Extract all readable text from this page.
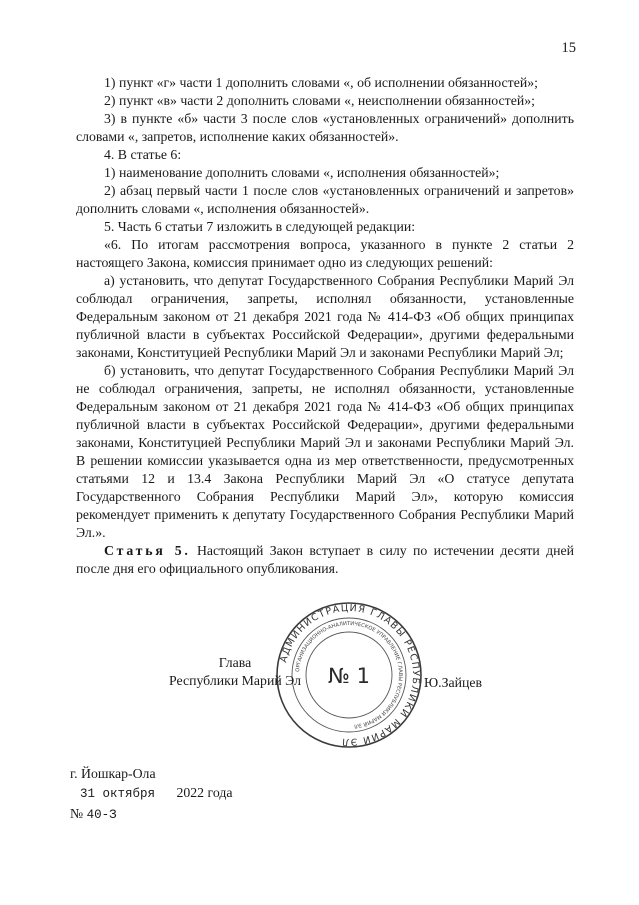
15

1) пункт «г» части 1 дополнить словами «, об исполнении обязанностей»;

2) пункт «в» части 2 дополнить словами «, неисполнении обязанностей»;

3) в пункте «б» части 3 после слов «установленных ограничений» дополнить словами «, запретов, исполнение каких обязанностей».

4. В статье 6:

1) наименование дополнить словами «, исполнения обязанностей»;

2) абзац первый части 1 после слов «установленных ограничений и запретов» дополнить словами «, исполнения обязанностей».

5. Часть 6 статьи 7 изложить в следующей редакции:

«6. По итогам рассмотрения вопроса, указанного в пункте 2 статьи 2 настоящего Закона, комиссия принимает одно из следующих решений:

а) установить, что депутат Государственного Собрания Республики Марий Эл соблюдал ограничения, запреты, исполнял обязанности, установленные Федеральным законом от 21 декабря 2021 года № 414-ФЗ «Об общих принципах публичной власти в субъектах Российской Федерации», другими федеральными законами, Конституцией Республики Марий Эл и законами Республики Марий Эл;

б) установить, что депутат Государственного Собрания Республики Марий Эл не соблюдал ограничения, запреты, не исполнял обязанности, установленные Федеральным законом от 21 декабря 2021 года № 414-ФЗ «Об общих принципах публичной власти в субъектах Российской Федерации», другими федеральными законами, Конституцией Республики Марий Эл и законами Республики Марий Эл. В решении комиссии указывается одна из мер ответственности, предусмотренных статьями 12 и 13.4 Закона Республики Марий Эл «О статусе депутата Государственного Собрания Республики Марий Эл», которую комиссия рекомендует применить к депутату Государственного Собрания Республики Марий Эл.».

Статья 5. Настоящий Закон вступает в силу по истечении десяти дней после дня его официального опубликования.

АДМИНИСТРАЦИЯ ГЛАВЫ РЕСПУБЛИКИ МАРИЙ ЭЛ
ОРГАНИЗАЦИОННО-АНАЛИТИЧЕСКОЕ УПРАВЛЕНИЕ ГЛАВЫ РЕСПУБЛИКИ МАРИЙ ЭЛ
№ 1
Глава
Республики Марий Эл	Ю.Зайцев
г. Йошкар-Ола
31 октября 2022 года
№ 40-З
